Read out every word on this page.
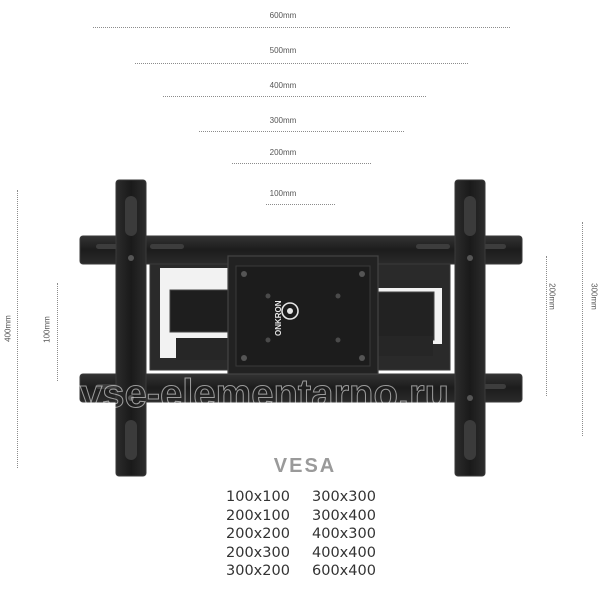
600mm
500mm
400mm
300mm
200mm
100mm
400mm	100mm
200mm	300mm
ONKRON
VESA
100x100
200x100
200x200
200x300
300x200
300x300
300x400
400x300
400x400
600x400
